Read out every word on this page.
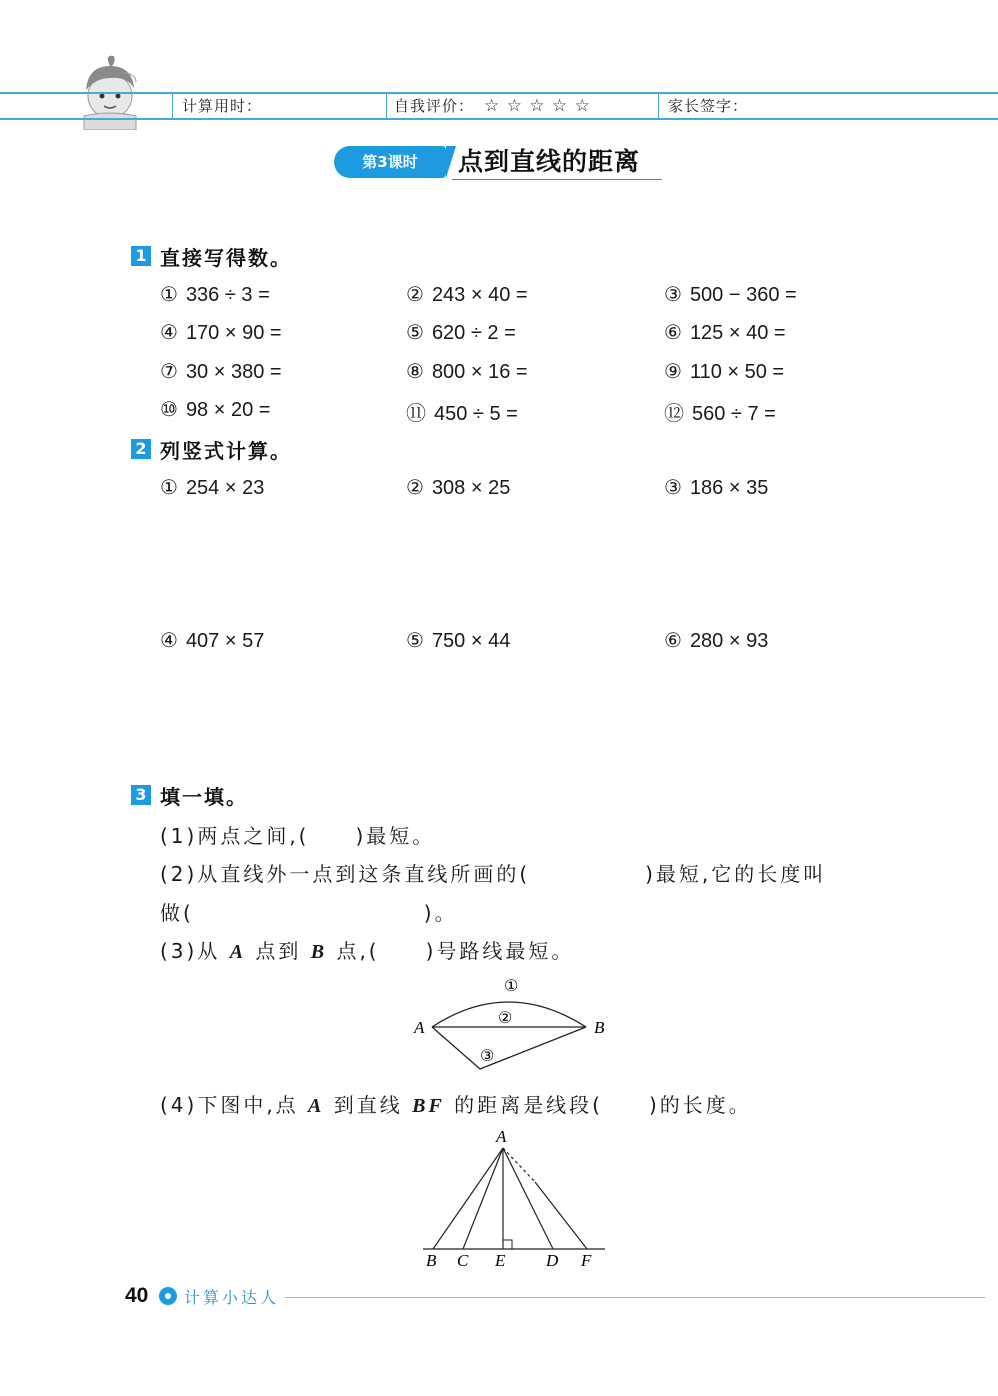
计算用时：	自我评价： ☆ ☆ ☆ ☆ ☆	家长签字：
第3课时	点到直线的距离
1 直接写得数。
① 336 ÷ 3 =	② 243 × 40 =	③ 500 − 360 =
④ 170 × 90 =	⑤ 620 ÷ 2 =	⑥ 125 × 40 =
⑦ 30 × 380 =	⑧ 800 × 16 =	⑨ 110 × 50 =
⑩ 98 × 20 =	⑪ 450 ÷ 5 =	⑫ 560 ÷ 7 =
2 列竖式计算。
① 254 × 23	② 308 × 25	③ 186 × 35
④ 407 × 57	⑤ 750 × 44	⑥ 280 × 93
3 填一填。
(1)两点之间,(　　)最短。
(2)从直线外一点到这条直线所画的(　　　　　)最短,它的长度叫
做(　　　　　　　　　　)。
(3)从 A 点到 B 点,(　　)号路线最短。
A	B
①
②
③
(4)下图中,点 A 到直线 BF 的距离是线段(　　)的长度。
A
B C E D F
40 计算小达人
